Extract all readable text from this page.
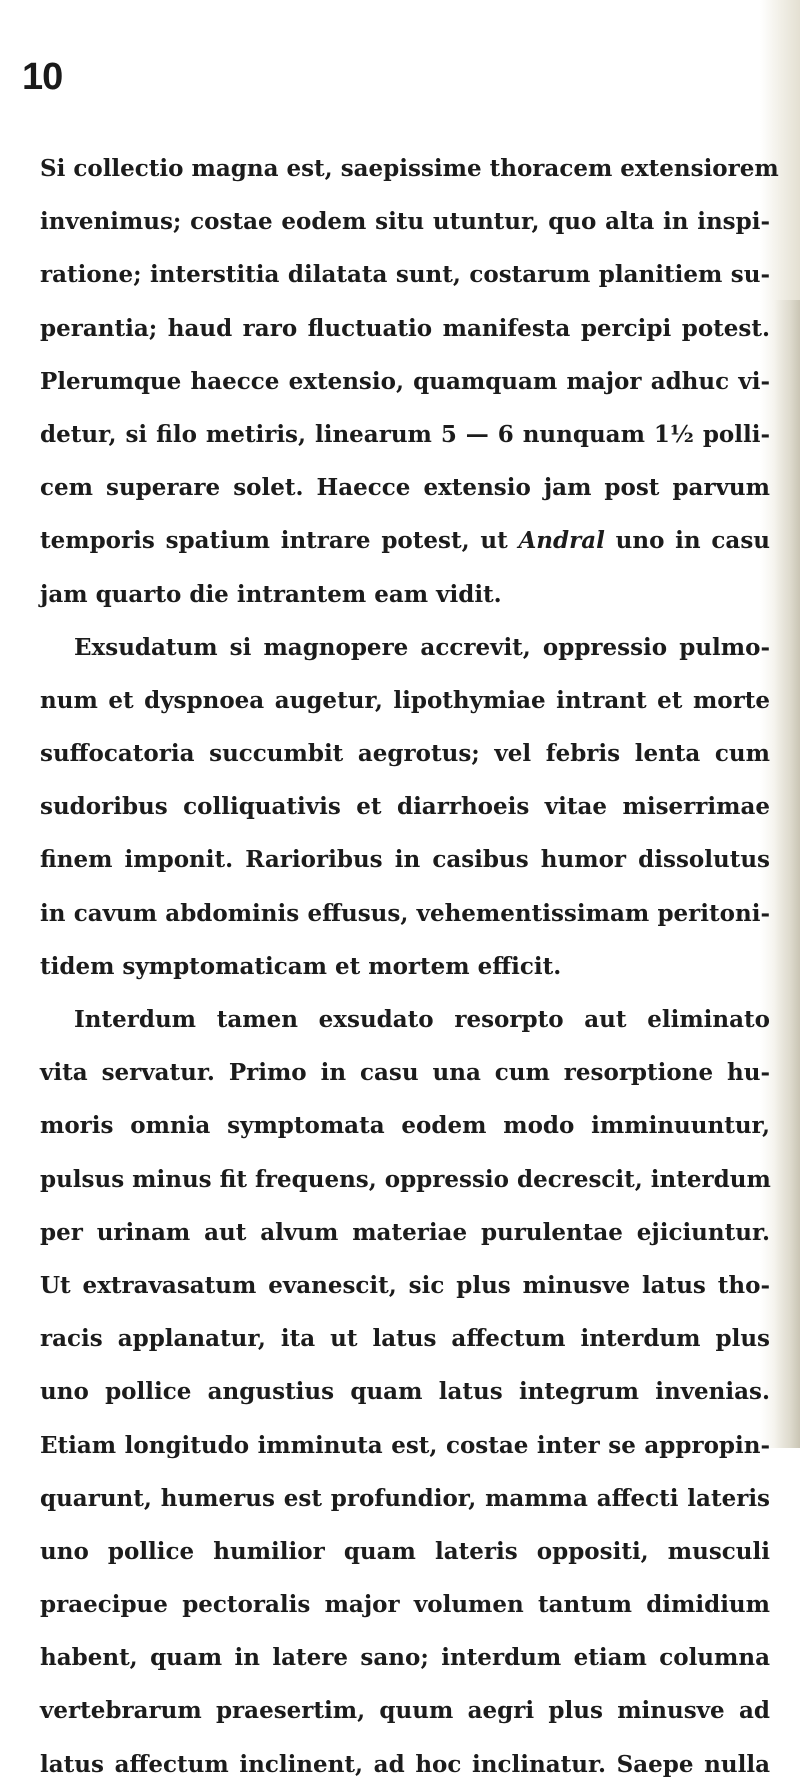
10
Si collectio magna est, saepissime thoracem extensiorem
invenimus; costae eodem situ utuntur, quo alta in inspi-
ratione; interstitia dilatata sunt, costarum planitiem su-
perantia; haud raro fluctuatio manifesta percipi potest.
Plerumque haecce extensio, quamquam major adhuc vi-
detur, si filo metiris, linearum 5 — 6 nunquam 1½ polli-
cem superare solet. Haecce extensio jam post parvum
temporis spatium intrare potest, ut Andral uno in casu
jam quarto die intrantem eam vidit.
Exsudatum si magnopere accrevit, oppressio pulmo-
num et dyspnoea augetur, lipothymiae intrant et morte
suffocatoria succumbit aegrotus; vel febris lenta cum
sudoribus colliquativis et diarrhoeis vitae miserrimae
finem imponit. Rarioribus in casibus humor dissolutus
in cavum abdominis effusus, vehementissimam peritoni-
tidem symptomaticam et mortem efficit.
Interdum tamen exsudato resorpto aut eliminato
vita servatur. Primo in casu una cum resorptione hu-
moris omnia symptomata eodem modo imminuuntur,
pulsus minus fit frequens, oppressio decrescit, interdum
per urinam aut alvum materiae purulentae ejiciuntur.
Ut extravasatum evanescit, sic plus minusve latus tho-
racis applanatur, ita ut latus affectum interdum plus
uno pollice angustius quam latus integrum invenias.
Etiam longitudo imminuta est, costae inter se appropin-
quarunt, humerus est profundior, mamma affecti lateris
uno pollice humilior quam lateris oppositi, musculi
praecipue pectoralis major volumen tantum dimidium
habent, quam in latere sano; interdum etiam columna
vertebrarum praesertim, quum aegri plus minusve ad
latus affectum inclinent, ad hoc inclinatur. Saepe nulla
